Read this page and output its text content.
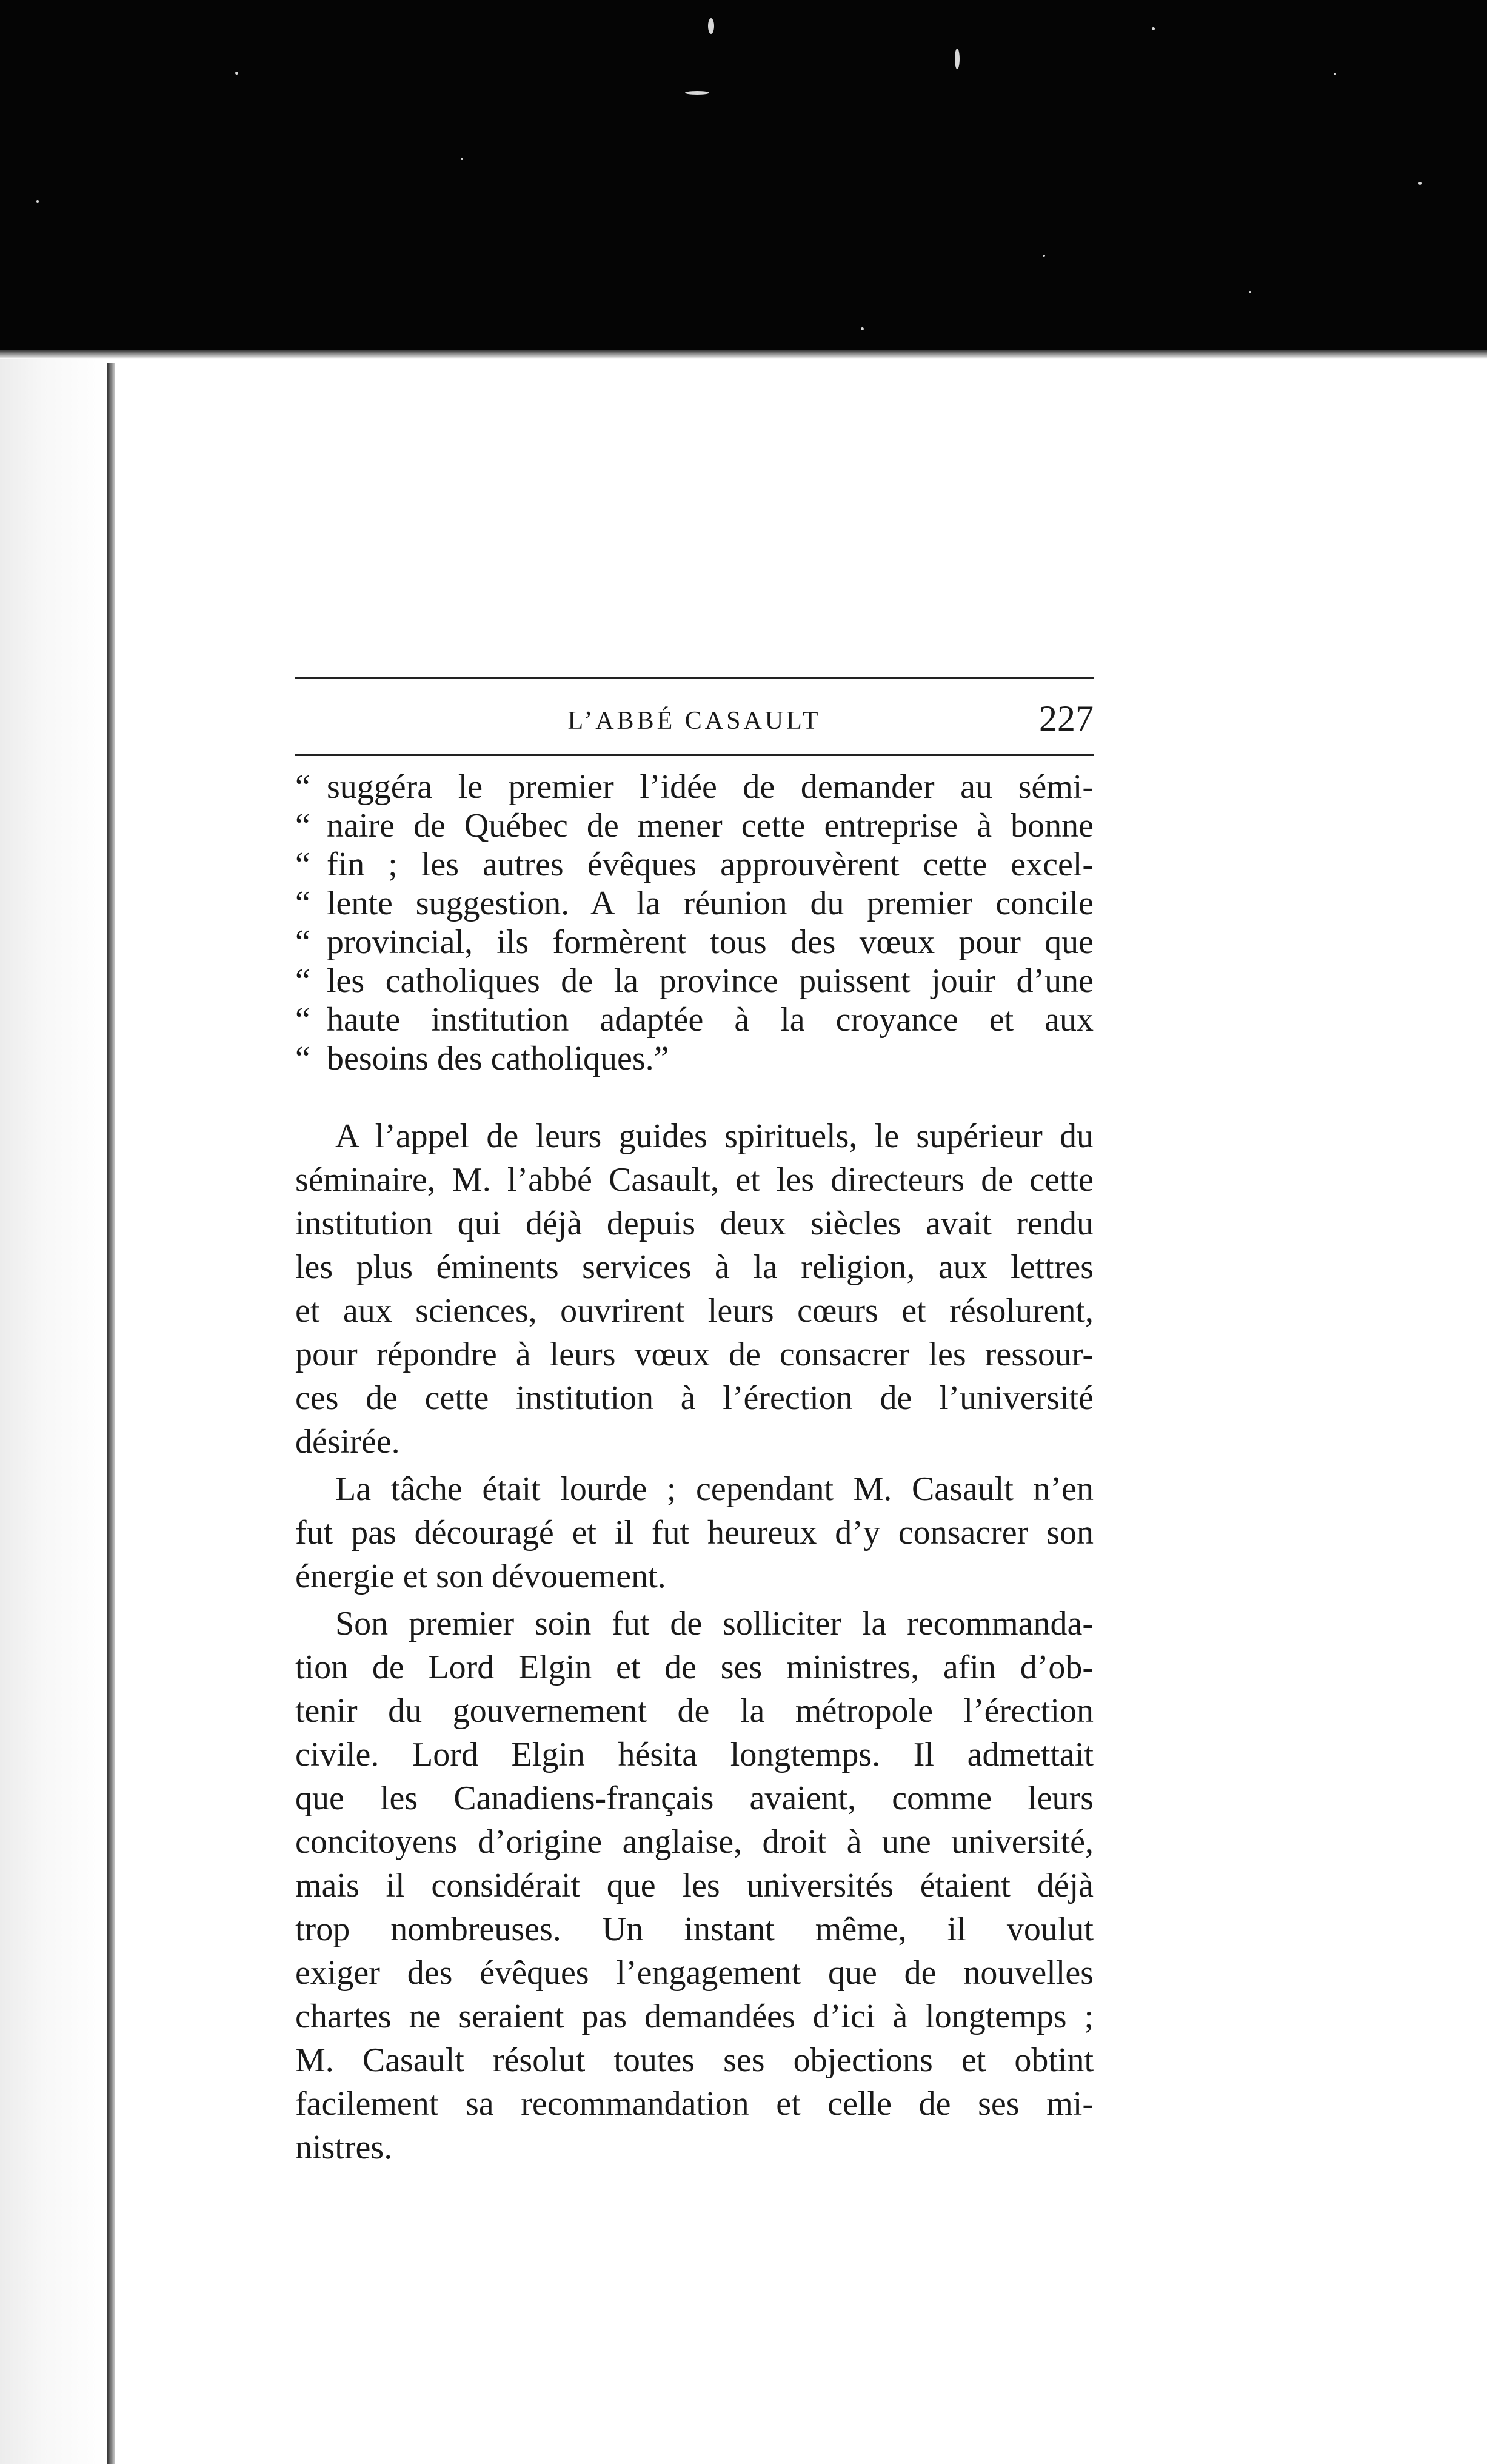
L’ABBÉ CASAULT	227
“ suggéra le premier l’idée de demander au sémi-
“ naire de Québec de mener cette entreprise à bonne
“ fin ; les autres évêques approuvèrent cette excel-
“ lente suggestion. A la réunion du premier concile
“ provincial, ils formèrent tous des vœux pour que
“ les catholiques de la province puissent jouir d’une
“ haute institution adaptée à la croyance et aux
“ besoins des catholiques.”
A l’appel de leurs guides spirituels, le supérieur du
séminaire, M. l’abbé Casault, et les directeurs de cette
institution qui déjà depuis deux siècles avait rendu
les plus éminents services à la religion, aux lettres
et aux sciences, ouvrirent leurs cœurs et résolurent,
pour répondre à leurs vœux de consacrer les ressour-
ces de cette institution à l’érection de l’université
désirée.
La tâche était lourde ; cependant M. Casault n’en
fut pas découragé et il fut heureux d’y consacrer son
énergie et son dévouement.
Son premier soin fut de solliciter la recommanda-
tion de Lord Elgin et de ses ministres, afin d’ob-
tenir du gouvernement de la métropole l’érection
civile. Lord Elgin hésita longtemps. Il admettait
que les Canadiens-français avaient, comme leurs
concitoyens d’origine anglaise, droit à une université,
mais il considérait que les universités étaient déjà
trop nombreuses. Un instant même, il voulut
exiger des évêques l’engagement que de nouvelles
chartes ne seraient pas demandées d’ici à longtemps ;
M. Casault résolut toutes ses objections et obtint
facilement sa recommandation et celle de ses mi-
nistres.
